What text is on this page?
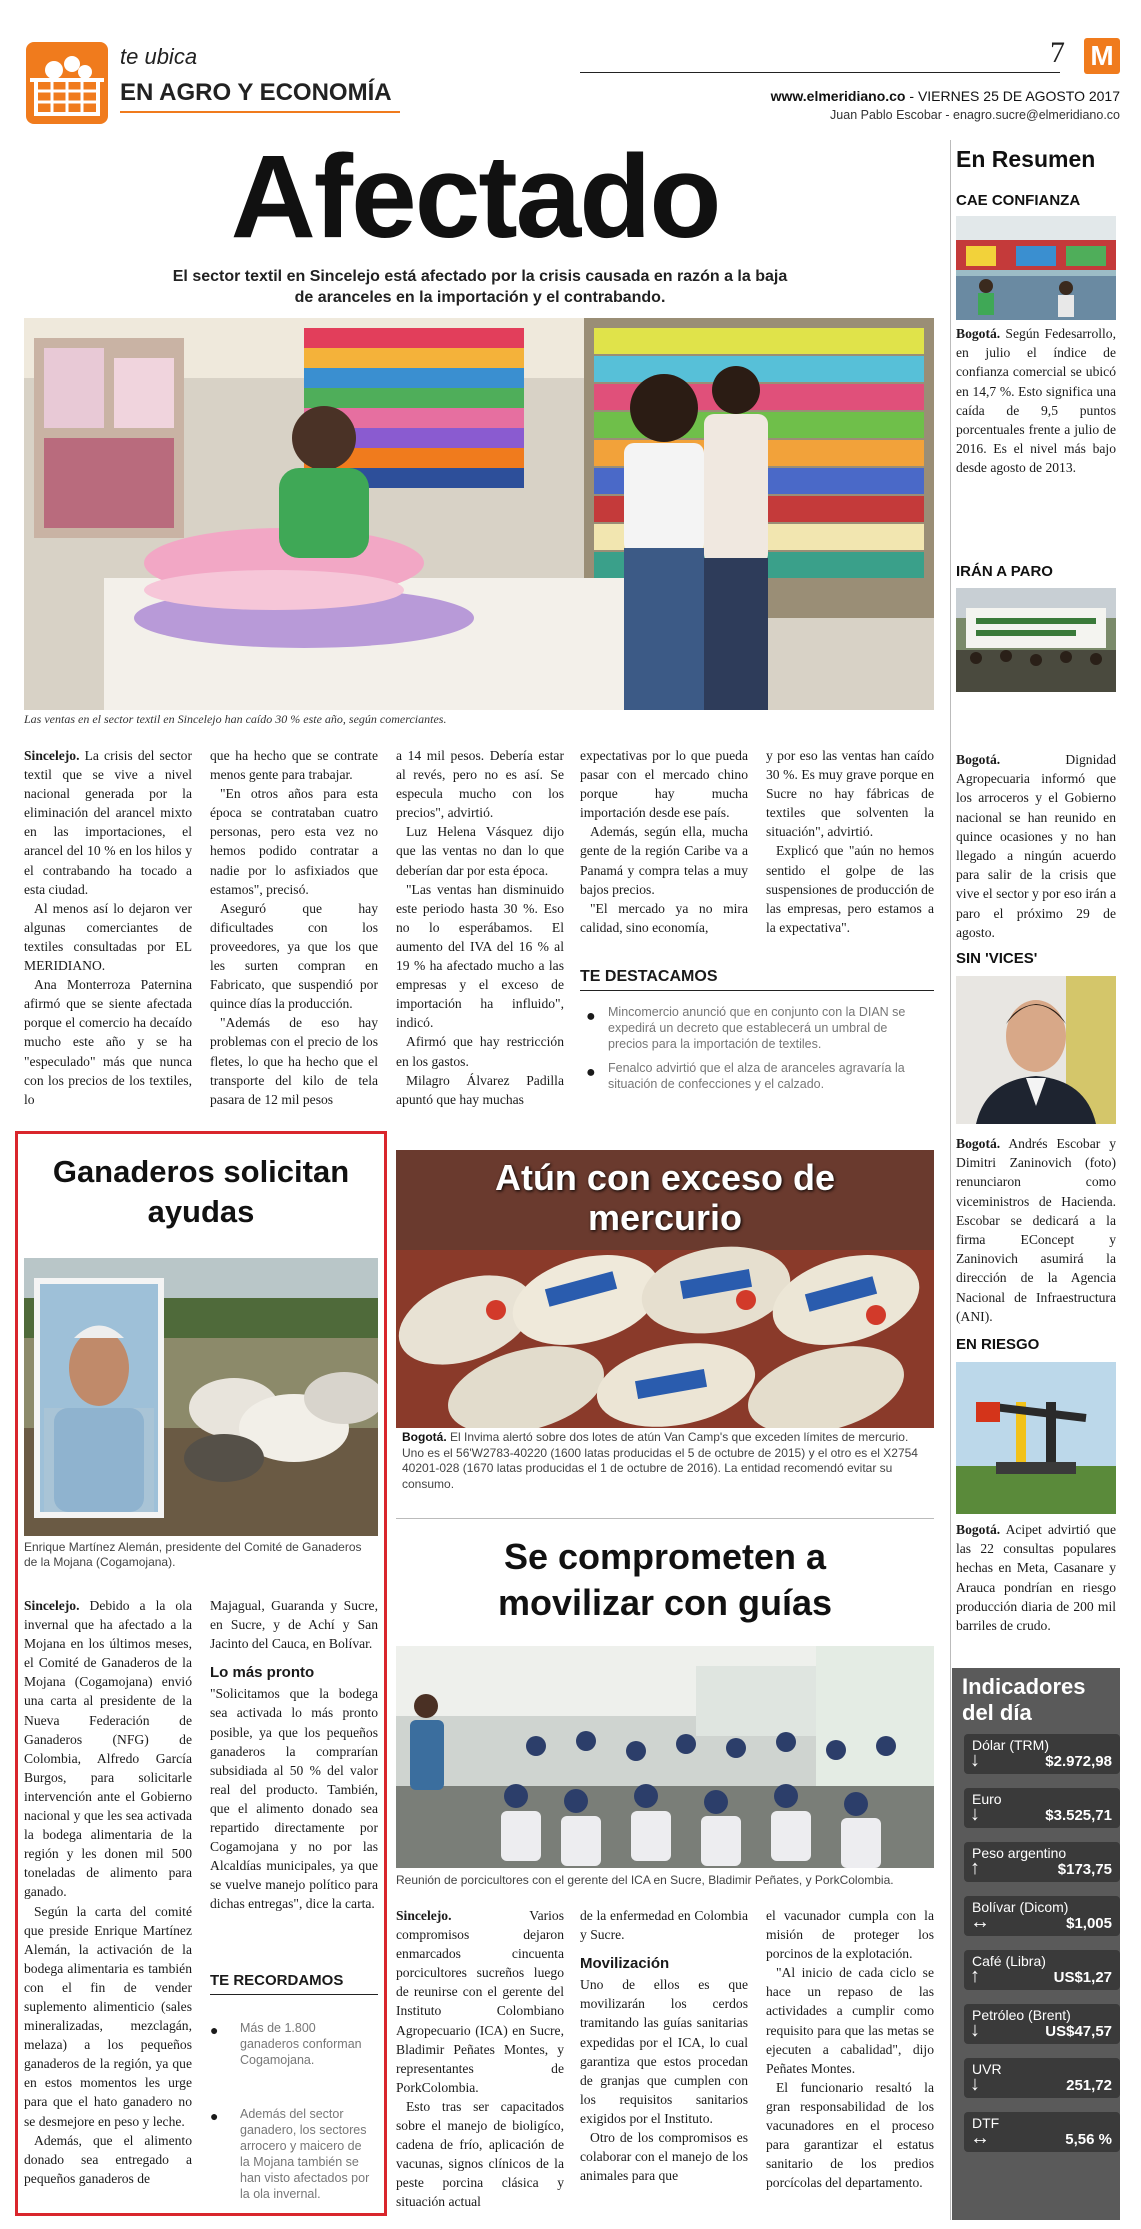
te ubica
EN AGRO Y ECONOMÍA
7 M
www.elmeridiano.co - VIERNES 25 DE AGOSTO 2017
Juan Pablo Escobar - enagro.sucre@elmeridiano.co
Afectado
El sector textil en Sincelejo está afectado por la crisis causada en razón a la baja de aranceles en la importación y el contrabando.
Las ventas en el sector textil en Sincelejo han caído 30 % este año, según comerciantes.

Sincelejo. La crisis del sector textil que se vive a nivel nacional generada por la eliminación del arancel mixto en las importaciones, el arancel del 10 % en los hilos y el contrabando ha tocado a esta ciudad.

Al menos así lo dejaron ver algunas comerciantes de textiles consultadas por EL MERIDIANO.

Ana Monterroza Paternina afirmó que se siente afectada porque el comercio ha decaído mucho este año y se ha "especulado" más que nunca con los precios de los textiles, lo

que ha hecho que se contrate menos gente para trabajar.

"En otros años para esta época se contrataban cuatro personas, pero esta vez no hemos podido contratar a nadie por lo asfixiados que estamos", precisó.

Aseguró que hay dificultades con los proveedores, ya que los que les surten compran en Fabricato, que suspendió por quince días la producción.

"Además de eso hay problemas con el precio de los fletes, lo que ha hecho que el transporte del kilo de tela pasara de 12 mil pesos

a 14 mil pesos. Debería estar al revés, pero no es así. Se especula mucho con los precios", advirtió.

Luz Helena Vásquez dijo que las ventas no dan lo que deberían dar por esta época.

"Las ventas han disminuido este periodo hasta 30 %. Eso no lo esperábamos. El aumento del IVA del 16 % al 19 % ha afectado mucho a las empresas y el exceso de importación ha influido", indicó.

Afirmó que hay restricción en los gastos.

Milagro Álvarez Padilla apuntó que hay muchas

expectativas por lo que pueda pasar con el mercado chino porque hay mucha importación desde ese país.

Además, según ella, mucha gente de la región Caribe va a Panamá y compra telas a muy bajos precios.

"El mercado ya no mira calidad, sino economía,

y por eso las ventas han caído 30 %. Es muy grave porque en Sucre no hay fábricas de textiles que solventen la situación", advirtió.

Explicó que "aún no hemos sentido el golpe de las suspensiones de producción de las empresas, pero estamos a la expectativa".

TE DESTACAMOS
● Mincomercio anunció que en conjunto con la DIAN se expedirá un decreto que establecerá un umbral de precios para la importación de textiles.
● Fenalco advirtió que el alza de aranceles agravaría la situación de confecciones y el calzado.
Ganaderos solicitan ayudas
Enrique Martínez Alemán, presidente del Comité de Ganaderos de la Mojana (Cogamojana).

Sincelejo. Debido a la ola invernal que ha afectado a la Mojana en los últimos meses, el Comité de Ganaderos de la Mojana (Cogamojana) envió una carta al presidente de la Nueva Federación de Ganaderos (NFG) de Colombia, Alfredo García Burgos, para solicitarle intervención ante el Gobierno nacional y que les sea activada la bodega alimentaria de la región y les donen mil 500 toneladas de alimento para ganado.

Según la carta del comité que preside Enrique Martínez Alemán, la activación de la bodega alimentaria es también con el fin de vender suplemento alimenticio (sales mineralizadas, mezclagán, melaza) a los pequeños ganaderos de la región, ya que en estos momentos les urge para que el hato ganadero no se desmejore en peso y leche.

Además, que el alimento donado sea entregado a pequeños ganaderos de

Majagual, Guaranda y Sucre, en Sucre, y de Achí y San Jacinto del Cauca, en Bolívar.

Lo más pronto

"Solicitamos que la bodega sea activada lo más pronto posible, ya que los pequeños ganaderos la comprarían subsidiada al 50 % del valor real del producto. También, que el alimento donado sea repartido directamente por Cogamojana y no por las Alcaldías municipales, ya que se vuelve manejo político para dichas entregas", dice la carta.

TE RECORDAMOS
● Más de 1.800 ganaderos conforman Cogamojana.
● Además del sector ganadero, los sectores arrocero y maicero de la Mojana también se han visto afectados por la ola invernal.
Atún con exceso de mercurio
Bogotá. El Invima alertó sobre dos lotes de atún Van Camp's que exceden límites de mercurio. Uno es el 56'W2783-40220 (1600 latas producidas el 5 de octubre de 2015) y el otro es el X2754 40201-028 (1670 latas producidas el 1 de octubre de 2016). La entidad recomendó evitar su consumo.
Se comprometen a movilizar con guías
Reunión de porcicultores con el gerente del ICA en Sucre, Bladimir Peñates, y PorkColombia.

Sincelejo. Varios compromisos dejaron enmarcados cincuenta porcicultores sucreños luego de reunirse con el gerente del Instituto Colombiano Agropecuario (ICA) en Sucre, Bladimir Peñates Montes, y representantes de PorkColombia.

Esto tras ser capacitados sobre el manejo de bioligíco, cadena de frío, aplicación de vacunas, signos clínicos de la peste porcina clásica y situación actual

de la enfermedad en Colombia y Sucre.

Movilización

Uno de ellos es que movilizarán los cerdos tramitando las guías sanitarias expedidas por el ICA, lo cual garantiza que estos procedan de granjas que cumplen con los requisitos sanitarios exigidos por el Instituto.

Otro de los compromisos es colaborar con el manejo de los animales para que

el vacunador cumpla con la misión de proteger los porcinos de la explotación.

"Al inicio de cada ciclo se hace un repaso de las actividades a cumplir como requisito para que las metas se ejecuten a cabalidad", dijo Peñates Montes.

El funcionario resaltó la gran responsabilidad de los vacunadores en el proceso para garantizar el estatus sanitario de los predios porcícolas del departamento.

En Resumen
CAE CONFIANZA
Bogotá. Según Fedesarrollo, en julio el índice de confianza comercial se ubicó en 14,7 %. Esto significa una caída de 9,5 puntos porcentuales frente a julio de 2016. Es el nivel más bajo desde agosto de 2013.
IRÁN A PARO
Bogotá. Dignidad Agropecuaria informó que los arroceros y el Gobierno nacional se han reunido en quince ocasiones y no han llegado a ningún acuerdo para salir de la crisis que vive el sector y por eso irán a paro el próximo 29 de agosto.
SIN 'VICES'
Bogotá. Andrés Escobar y Dimitri Zaninovich (foto) renunciaron como viceministros de Hacienda. Escobar se dedicará a la firma EConcept y Zaninovich asumirá la dirección de la Agencia Nacional de Infraestructura (ANI).
EN RIESGO
Bogotá. Acipet advirtió que las 22 consultas populares hechas en Meta, Casanare y Arauca pondrían en riesgo producción diaria de 200 mil barriles de crudo.
Indicadores del día
Dólar (TRM)
↓	$2.972,98
Euro
↓	$3.525,71
Peso argentino
↑	$173,75
Bolívar (Dicom)
↔	$1,005
Café (Libra)
↑	US$1,27
Petróleo (Brent)
↓	US$47,57
UVR
↓	251,72
DTF
↔	5,56 %
